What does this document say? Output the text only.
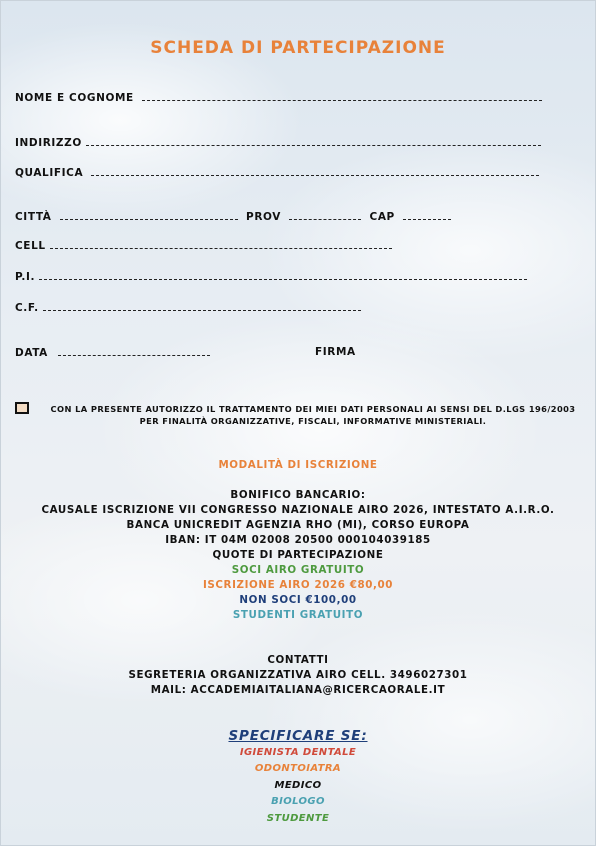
SCHEDA DI PARTECIPAZIONE
NOME E COGNOME
INDIRIZZO
QUALIFICA
CITTÀ	PROV	CAP
CELL
P.I.
C.F.
DATA	FIRMA
CON LA PRESENTE AUTORIZZO IL TRATTAMENTO DEI MIEI DATI PERSONALI AI SENSI DEL D.LGS 196/2003
PER FINALITÀ ORGANIZZATIVE, FISCALI, INFORMATIVE MINISTERIALI.
MODALITÀ DI ISCRIZIONE
BONIFICO BANCARIO:
CAUSALE ISCRIZIONE VII CONGRESSO NAZIONALE AIRO 2026, INTESTATO A.I.R.O.
BANCA UNICREDIT AGENZIA RHO (MI), CORSO EUROPA
IBAN: IT 04M 02008 20500 000104039185
QUOTE DI PARTECIPAZIONE
SOCI AIRO GRATUITO
ISCRIZIONE AIRO 2026 €80,00
NON SOCI €100,00
STUDENTI GRATUITO
CONTATTI
SEGRETERIA ORGANIZZATIVA AIRO CELL. 3496027301
MAIL: ACCADEMIAITALIANA@RICERCAORALE.IT
SPECIFICARE SE:
IGIENISTA DENTALE
ODONTOIATRA
MEDICO
BIOLOGO
STUDENTE
